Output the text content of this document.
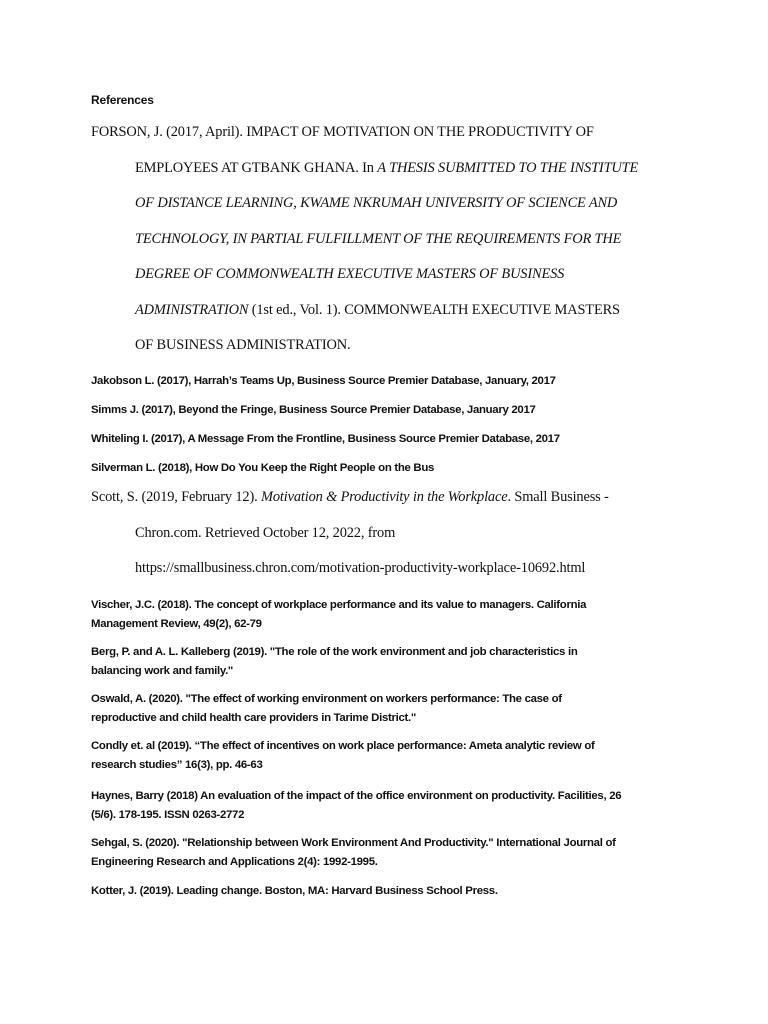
References
FORSON, J. (2017, April). IMPACT OF MOTIVATION ON THE PRODUCTIVITY OF
EMPLOYEES AT GTBANK GHANA. In A THESIS SUBMITTED TO THE INSTITUTE
OF DISTANCE LEARNING, KWAME NKRUMAH UNIVERSITY OF SCIENCE AND
TECHNOLOGY, IN PARTIAL FULFILLMENT OF THE REQUIREMENTS FOR THE
DEGREE OF COMMONWEALTH EXECUTIVE MASTERS OF BUSINESS
ADMINISTRATION (1st ed., Vol. 1). COMMONWEALTH EXECUTIVE MASTERS
OF BUSINESS ADMINISTRATION.
Jakobson L. (2017), Harrah’s Teams Up, Business Source Premier Database, January, 2017
Simms J. (2017), Beyond the Fringe, Business Source Premier Database, January 2017
Whiteling I. (2017), A Message From the Frontline, Business Source Premier Database, 2017
Silverman L. (2018), How Do You Keep the Right People on the Bus
Scott, S. (2019, February 12). Motivation & Productivity in the Workplace. Small Business -
Chron.com. Retrieved October 12, 2022, from
https://smallbusiness.chron.com/motivation-productivity-workplace-10692.html
Vischer, J.C. (2018). The concept of workplace performance and its value to managers. California
Management Review, 49(2), 62-79
Berg, P. and A. L. Kalleberg (2019). "The role of the work environment and job characteristics in
balancing work and family."
Oswald, A. (2020). "The effect of working environment on workers performance: The case of
reproductive and child health care providers in Tarime District."
Condly et. al (2019). “The effect of incentives on work place performance: Ameta analytic review of
research studies” 16(3), pp. 46-63
Haynes, Barry (2018) An evaluation of the impact of the office environment on productivity. Facilities, 26
(5/6). 178-195. ISSN 0263-2772
Sehgal, S. (2020). "Relationship between Work Environment And Productivity." International Journal of
Engineering Research and Applications 2(4): 1992-1995.
Kotter, J. (2019). Leading change. Boston, MA: Harvard Business School Press.
